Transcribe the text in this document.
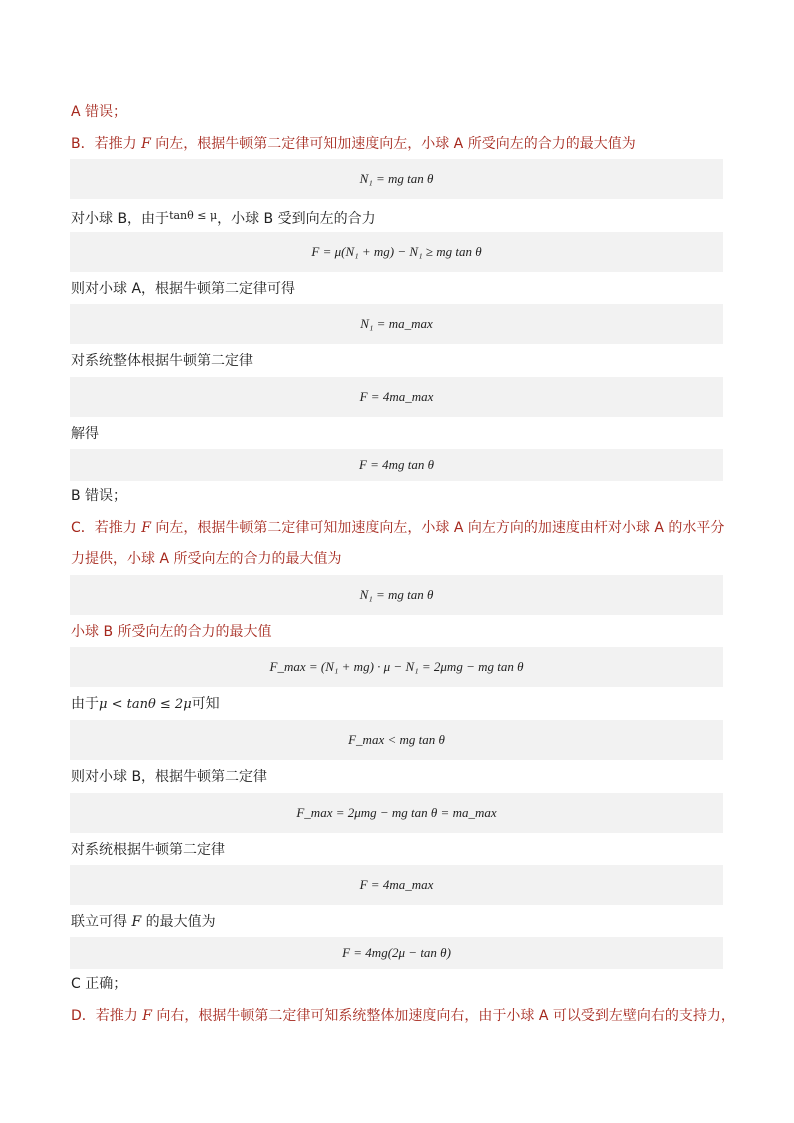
A 错误；
B．若推力 F 向左，根据牛顿第二定律可知加速度向左，小球 A 所受向左的合力的最大值为
N₁ = mg tan θ
对小球 B，由于$^{tan\theta \le \mu}$，小球 B 受到向左的合力
F = μ(N₁ + mg) − N₁ ≥ mg tan θ
则对小球 A，根据牛顿第二定律可得
N₁ = ma_max
对系统整体根据牛顿第二定律
F = 4ma_max
解得
F = 4mg tan θ
B 错误；
C．若推力 F 向左，根据牛顿第二定律可知加速度向左，小球 A 向左方向的加速度由杆对小球 A 的水平分
力提供，小球 A 所受向左的合力的最大值为
N₁ = mg tan θ
小球 B 所受向左的合力的最大值
F_max = (N₁ + mg) · μ − N₁ = 2μmg − mg tan θ
由于μ < tanθ ≤ 2μ可知
F_max < mg tan θ
则对小球 B，根据牛顿第二定律
F_max = 2μmg − mg tan θ = ma_max
对系统根据牛顿第二定律
F = 4ma_max
联立可得 F 的最大值为
F = 4mg(2μ − tan θ)
C 正确；
D．若推力 F 向右，根据牛顿第二定律可知系统整体加速度向右，由于小球 A 可以受到左壁向右的支持力，
